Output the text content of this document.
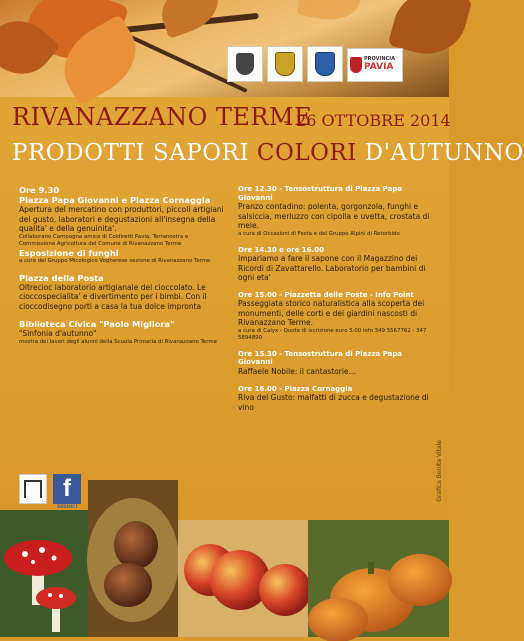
PROVINCIA
PAVIA
RIVANAZZANO TERME
– 26 OTTOBRE 2014
PRODOTTI SAPORI COLORI D'AUTUNNO
Ore 9.30
Piazza Papa Giovanni e Piazza Cornaggia
Apertura del mercatino con produttori, piccoli artigiani del gusto, laboratori e degustazioni all'insegna della qualita' e della genuinita'.
Collaborano Campagna amica di Coldiretti Pavia, Terranostra e Commissione Agricoltura del Comune di Rivanazzano Terme
Esposizione di funghi
a cura del Gruppo Micologico Vogherese sezione di Rivanazzano Terme
Piazza della Posta
Oltrecioc laboratorio artigianale del cioccolato. Le cioccospecialita' e divertimento per i bimbi. Con il cioccodisegno porti a casa la tua dolce impronta
Biblioteca Civica "Paolo Migliora"
"Sinfonia d'autunno"
mostra dei lavori degli alunni della Scuola Primaria di Rivanazzano Terme
Ore 12.30 - Tensostruttura di Piazza Papa Giovanni
Pranzo contadino: polenta, gorgonzola, funghi e salsiccia, merluzzo con cipolla e uvetta, crostata di mele.
a cura di Occasioni di Festa e del Gruppo Alpini di Retorbido
Ore 14.30 e ore 16.00
Impariamo a fare il sapone con il Magazzino dei Ricordi di Zavattarello. Laboratorio per bambini di ogni eta'
Ore 15.00 - Piazzetta delle Poste - Info Point
Passeggiata storico naturalistica alla scoperta dei monumenti, delle corti e dei giardini nascosti di Rivanazzano Terme.
a cura di Calyx - Quota di iscrizione euro 5.00 info 349 5567762 - 347 5894890
Ore 15.30 - Tensostruttura di Piazza Papa Giovanni
Raffaele Nobile: il cantastorie...
Ore 16.00 - Piazza Cornaggia
Riva del Gusto: malfatti di zucca e degustazione di vino
Grafica Benita Vitale
f
SEGUICI
